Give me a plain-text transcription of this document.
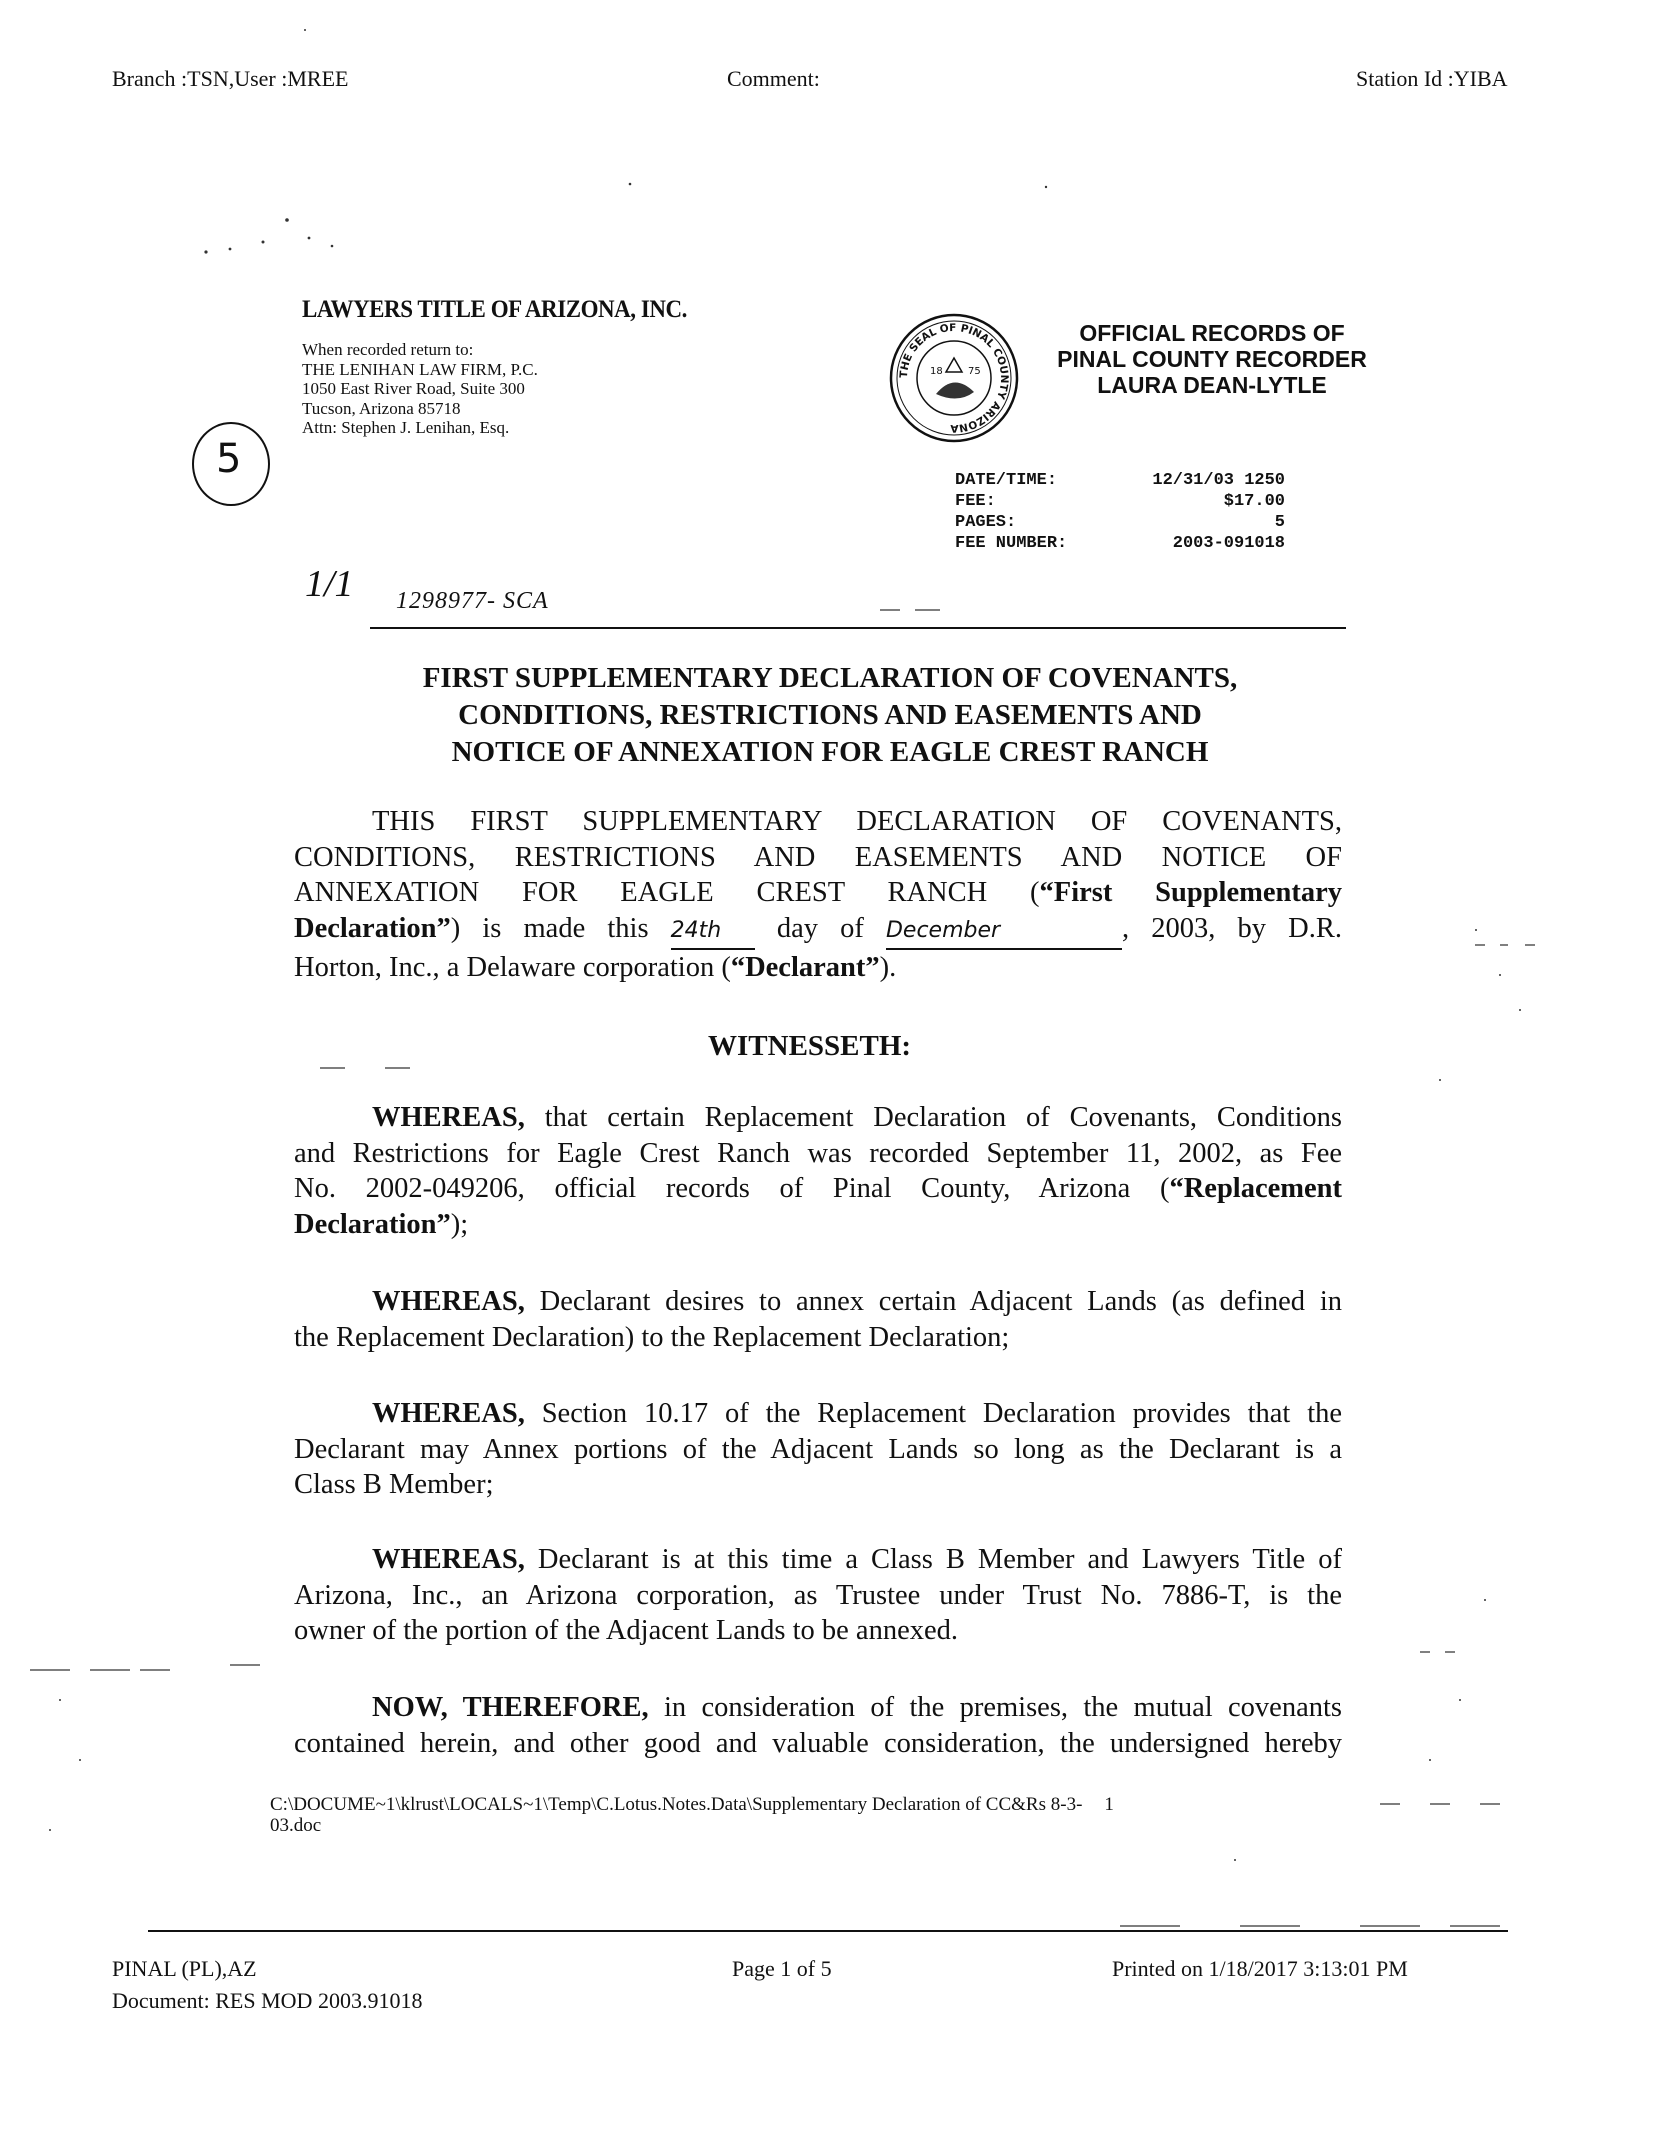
Branch :TSN,User :MREE	Comment:	Station Id :YIBA
LAWYERS TITLE OF ARIZONA, INC.
When recorded return to:
THE LENIHAN LAW FIRM, P.C.
1050 East River Road, Suite 300
Tucson, Arizona 85718
Attn: Stephen J. Lenihan, Esq.
THE SEAL OF PINAL COUNTY ARIZONA
18	75
OFFICIAL RECORDS OF
PINAL COUNTY RECORDER
LAURA DEAN-LYTLE
DATE/TIME:	12/31/03 1250
FEE:	$17.00
PAGES:	5
FEE NUMBER:	2003-091018
5
1/1 1298977- SCA
FIRST SUPPLEMENTARY DECLARATION OF COVENANTS,
CONDITIONS, RESTRICTIONS AND EASEMENTS AND
NOTICE OF ANNEXATION FOR EAGLE CREST RANCH
THIS FIRST SUPPLEMENTARY DECLARATION OF COVENANTS,
CONDITIONS, RESTRICTIONS AND EASEMENTS AND NOTICE OF
ANNEXATION FOR EAGLE CREST RANCH (“First Supplementary
Declaration”) is made this 24th day of December	, 2003, by D.R.
Horton, Inc., a Delaware corporation (“Declarant”).
WITNESSETH:
WHEREAS, that certain Replacement Declaration of Covenants, Conditions
and Restrictions for Eagle Crest Ranch was recorded September 11, 2002, as Fee
No. 2002-049206, official records of Pinal County, Arizona (“Replacement
Declaration”);
WHEREAS, Declarant desires to annex certain Adjacent Lands (as defined in
the Replacement Declaration) to the Replacement Declaration;
WHEREAS, Section 10.17 of the Replacement Declaration provides that the
Declarant may Annex portions of the Adjacent Lands so long as the Declarant is a
Class B Member;
WHEREAS, Declarant is at this time a Class B Member and Lawyers Title of
Arizona, Inc., an Arizona corporation, as Trustee under Trust No. 7886-T, is the
owner of the portion of the Adjacent Lands to be annexed.
NOW, THEREFORE, in consideration of the premises, the mutual covenants
contained herein, and other good and valuable consideration, the undersigned hereby
C:\DOCUME~1\klrust\LOCALS~1\Temp\C.Lotus.Notes.Data\Supplementary Declaration of CC&Rs 8-3- 1
03.doc
PINAL (PL),AZ
Document: RES MOD 2003.91018
Page 1 of 5	Printed on 1/18/2017 3:13:01 PM
